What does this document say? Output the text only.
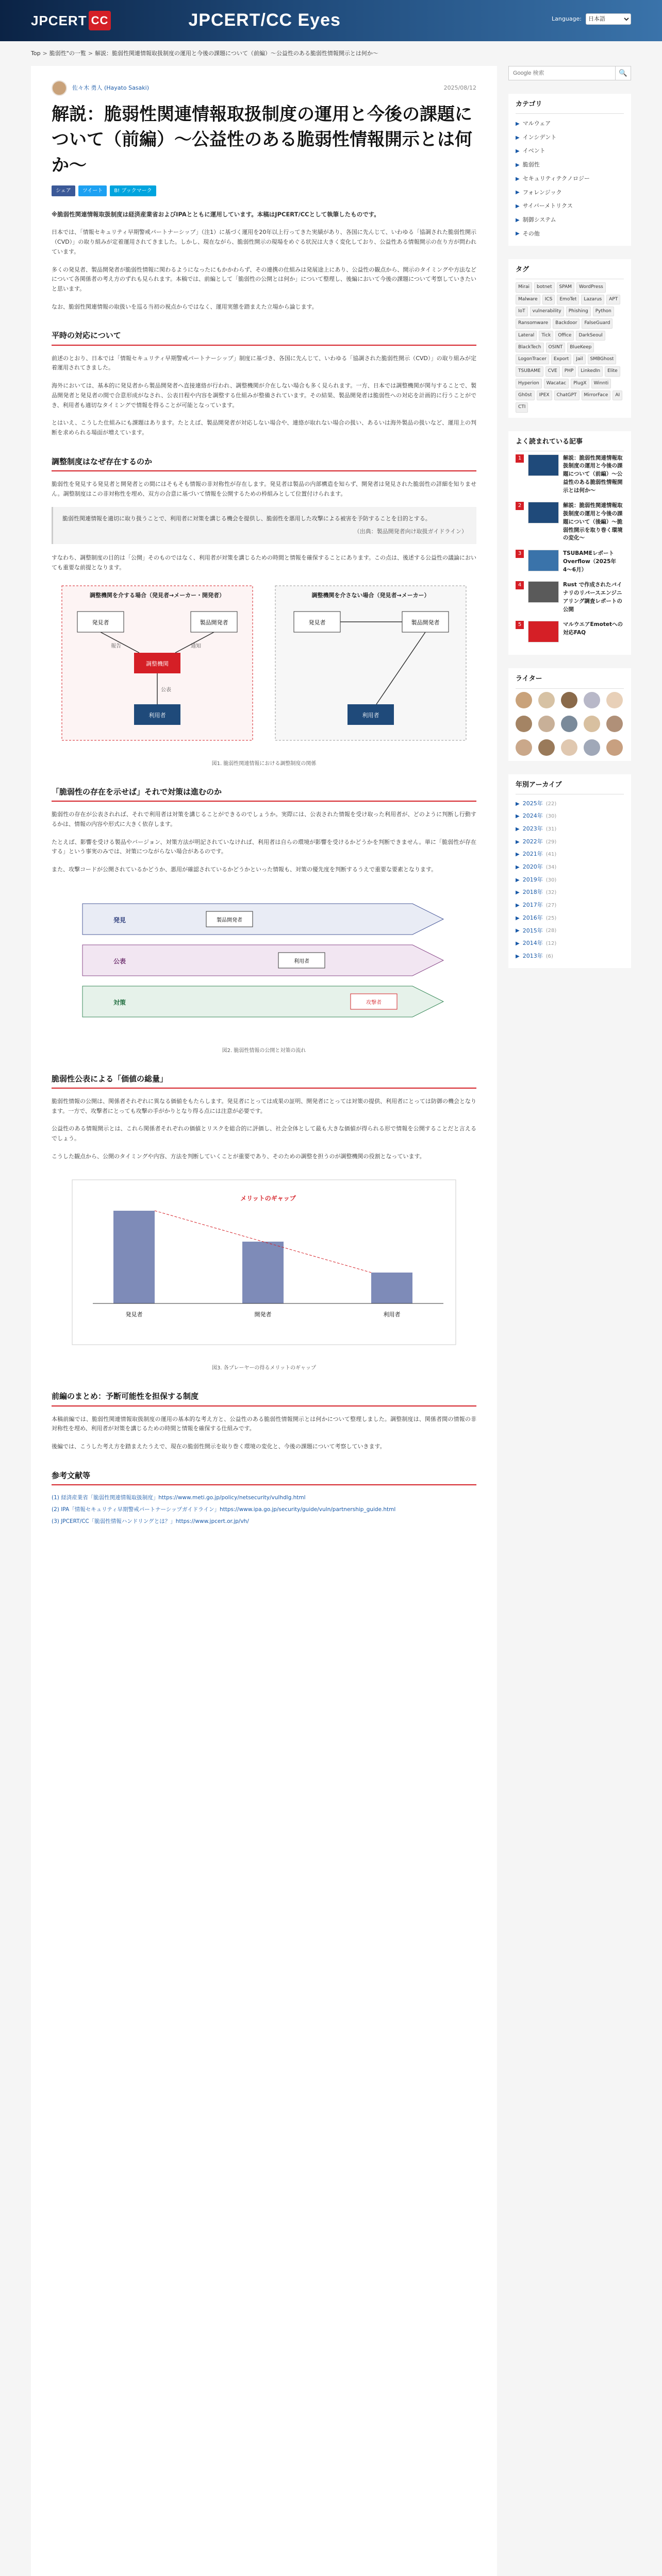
JPCERT CC	JPCERT/CC Eyes	Language:
日本語
Top > 脆弱性"の一覧 > 解説：脆弱性関連情報取扱制度の運用と今後の課題について（前編）〜公益性のある脆弱性情報開示とは何か〜
佐々木 勇人 (Hayato Sasaki)	2025/08/12
解説：脆弱性関連情報取扱制度の運用と今後の課題について（前編）〜公益性のある脆弱性情報開示とは何か〜
シェア	ツイート	B! ブックマーク

※脆弱性関連情報取扱制度は経済産業省およびIPAとともに運用しています。本稿はJPCERT/CCとして執筆したものです。

日本では、「情報セキュリティ早期警戒パートナーシップ」（注1）に基づく運用を20年以上行ってきた実績があり、各国に先んじて、いわゆる「協調された脆弱性開示（CVD）」の取り組みが定着運用されてきました。しかし、現在ながら、脆弱性開示の現場をめぐる状況は大きく変化しており、公益性ある情報開示の在り方が問われています。

多くの発見者、製品開発者が脆弱性情報に関わるようになったにもかかわらず、その連携の仕組みは発展途上にあり、公益性の観点から、開示のタイミングや方法などについて各関係者の考え方のずれも見られます。本稿では、前編として「脆弱性の公開とは何か」について整理し、後編において今後の課題について考察していきたいと思います。

なお、脆弱性関連情報の取扱いを巡る当初の視点からではなく、運用実態を踏まえた立場から論じます。

平時の対応について

前述のとおり、日本では「情報セキュリティ早期警戒パートナーシップ」制度に基づき、各国に先んじて、いわゆる「協調された脆弱性開示（CVD）」の取り組みが定着運用されてきました。

海外においては、基本的に発見者から製品開発者へ直接連絡が行われ、調整機関が介在しない場合も多く見られます。一方、日本では調整機関が関与することで、製品開発者と発見者の間で合意形成がなされ、公表日程や内容を調整する仕組みが整備されています。その結果、製品開発者は脆弱性への対応を計画的に行うことができ、利用者も適切なタイミングで情報を得ることが可能となっています。

とはいえ、こうした仕組みにも課題はあります。たとえば、製品開発者が対応しない場合や、連絡が取れない場合の扱い、あるいは海外製品の扱いなど、運用上の判断を求められる場面が増えています。

調整制度はなぜ存在するのか

脆弱性を発見する発見者と開発者との間にはそもそも情報の非対称性が存在します。発見者は製品の内部構造を知らず、開発者は発見された脆弱性の詳細を知りません。調整制度はこの非対称性を埋め、双方の合意に基づいて情報を公開するための枠組みとして位置付けられます。

脆弱性関連情報を適切に取り扱うことで、利用者に対策を講じる機会を提供し、脆弱性を悪用した攻撃による被害を予防することを目的とする。
（出典：製品開発者向け取扱ガイドライン）

すなわち、調整制度の目的は「公開」そのものではなく、利用者が対策を講じるための時間と情報を確保することにあります。この点は、後述する公益性の議論においても重要な前提となります。

調整機関を介する場合（発見者→メーカー・開発者）	調整機関を介さない場合（発見者→メーカー）
発見者
調整機関
製品開発者
利用者
報告	通知
公表
発見者	製品開発者
利用者
図1. 脆弱性関連情報における調整制度の関係
「脆弱性の存在を示せば」それで対策は進むのか

脆弱性の存在が公表されれば、それで利用者は対策を講じることができるのでしょうか。実際には、公表された情報を受け取った利用者が、どのように判断し行動するかは、情報の内容や形式に大きく依存します。

たとえば、影響を受ける製品やバージョン、対策方法が明記されていなければ、利用者は自らの環境が影響を受けるかどうかを判断できません。単に「脆弱性が存在する」という事実のみでは、対策につながらない場合があるのです。

また、攻撃コードが公開されているかどうか、悪用が確認されているかどうかといった情報も、対策の優先度を判断するうえで重要な要素となります。

発見
公表
対策
製品開発者
利用者
攻撃者
図2. 脆弱性情報の公開と対策の流れ
脆弱性公表による「価値の総量」

脆弱性情報の公開は、関係者それぞれに異なる価値をもたらします。発見者にとっては成果の証明、開発者にとっては対策の提供、利用者にとっては防御の機会となります。一方で、攻撃者にとっても攻撃の手がかりとなり得る点には注意が必要です。

公益性のある情報開示とは、これら関係者それぞれの価値とリスクを総合的に評価し、社会全体として最も大きな価値が得られる形で情報を公開することだと言えるでしょう。

こうした観点から、公開のタイミングや内容、方法を判断していくことが重要であり、そのための調整を担うのが調整機関の役割となっています。

発見者	開発者	利用者
メリットのギャップ
図3. 各プレーヤーの得るメリットのギャップ
前編のまとめ：予断可能性を担保する制度

本稿前編では、脆弱性関連情報取扱制度の運用の基本的な考え方と、公益性のある脆弱性情報開示とは何かについて整理しました。調整制度は、関係者間の情報の非対称性を埋め、利用者が対策を講じるための時間と情報を確保する仕組みです。

後編では、こうした考え方を踏まえたうえで、現在の脆弱性開示を取り巻く環境の変化と、今後の課題について考察していきます。

参考文献等
(1) 経済産業省「脆弱性関連情報取扱制度」https://www.meti.go.jp/policy/netsecurity/vulhdlg.html
(2) IPA「情報セキュリティ早期警戒パートナーシップガイドライン」https://www.ipa.go.jp/security/guide/vuln/partnership_guide.html
(3) JPCERT/CC「脆弱性情報ハンドリングとは？」https://www.jpcert.or.jp/vh/
Google 検索
🔍
カテゴリ
▶ マルウェア
▶ インシデント
▶ イベント
▶ 脆弱性
▶ セキュリティテクノロジー
▶ フォレンジック
▶ サイバーメトリクス
▶ 制御システム
▶ その他
タグ
Mirai	botnet	SPAM	WordPress
Malware	ICS	EmoTet	Lazarus	APT
IoT	vulnerability	Phishing	Python
Ransomware	Backdoor	FalseGuard
Lateral	Tick	Office	DarkSeoul
BlackTech	OSINT	BlueKeep
LogonTracer	Export	Jail	SMBGhost
TSUBAME	CVE	PHP	LinkedIn	Elite
Hyperion	Wacatac	PlugX	Winnti
Gh0st	IPEX	ChatGPT	MirrorFace	AI
CTI
よく読まれている記事
1	解説：脆弱性関連情報取扱制度の運用と今後の課題について（前編）〜公益性のある脆弱性情報開示とは何か〜
2	解説：脆弱性関連情報取扱制度の運用と今後の課題について（後編）〜脆弱性開示を取り巻く環境の変化〜
3	TSUBAMEレポート Overflow（2025年4〜6月）
4	Rust で作成されたバイナリのリバースエンジニアリング調査レポートの公開
5	マルウエアEmotetへの対応FAQ
ライター
年別アーカイブ
▶ 2025年 (22)
▶ 2024年 (30)
▶ 2023年 (31)
▶ 2022年 (29)
▶ 2021年 (41)
▶ 2020年 (34)
▶ 2019年 (30)
▶ 2018年 (32)
▶ 2017年 (27)
▶ 2016年 (25)
▶ 2015年 (28)
▶ 2014年 (12)
▶ 2013年 (6)
